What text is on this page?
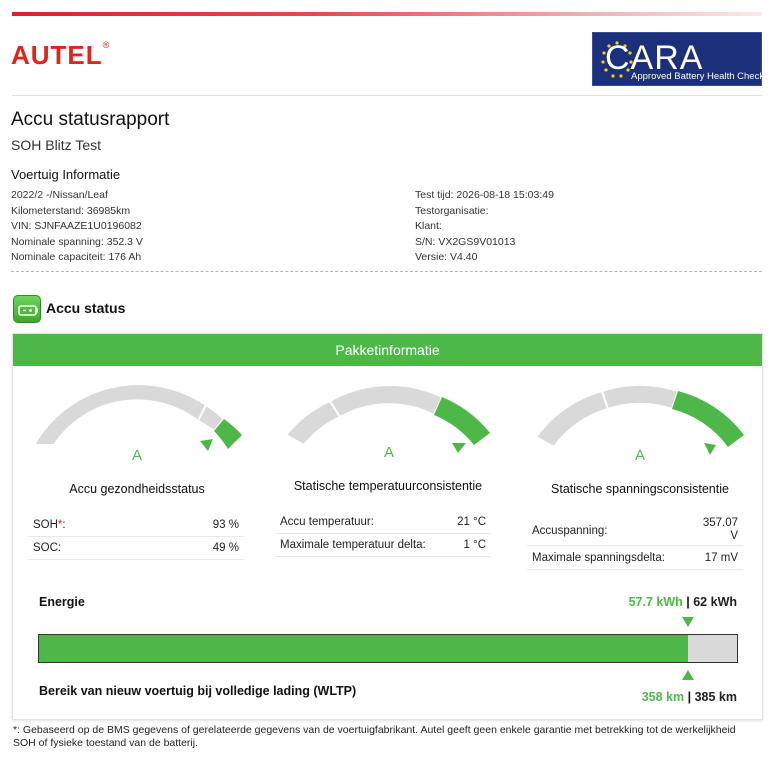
AUTEL®	CARA
Approved Battery Health Check
Accu statusrapport
SOH Blitz Test
Voertuig Informatie
2022/2 -/Nissan/Leaf
Kilometerstand: 36985km
VIN: SJNFAAZE1U0196082
Nominale spanning: 352.3 V
Nominale capaciteit: 176 Ah
Test tijd: 2026-08-18 15:03:49
Testorganisatie:
Klant:
S/N: VX2GS9V01013
Versie: V4.40
Accu status
Pakketinformatie
A
Accu gezondheidsstatus
A
Statische temperatuurconsistentie
A
Statische spanningsconsistentie
SOH*:	93 %
SOC:	49 %
Accu temperatuur:	21 °C
Maximale temperatuur delta:	1 °C
Accuspanning:
357.07
V
Maximale spanningsdelta:	17 mV
Energie	57.7 kWh | 62 kWh
Bereik van nieuw voertuig bij volledige lading (WLTP)	358 km | 385 km
*: Gebaseerd op de BMS gegevens of gerelateerde gegevens van de voertuigfabrikant. Autel geeft geen enkele garantie met betrekking tot de werkelijkheid SOH of fysieke toestand van de batterij.
